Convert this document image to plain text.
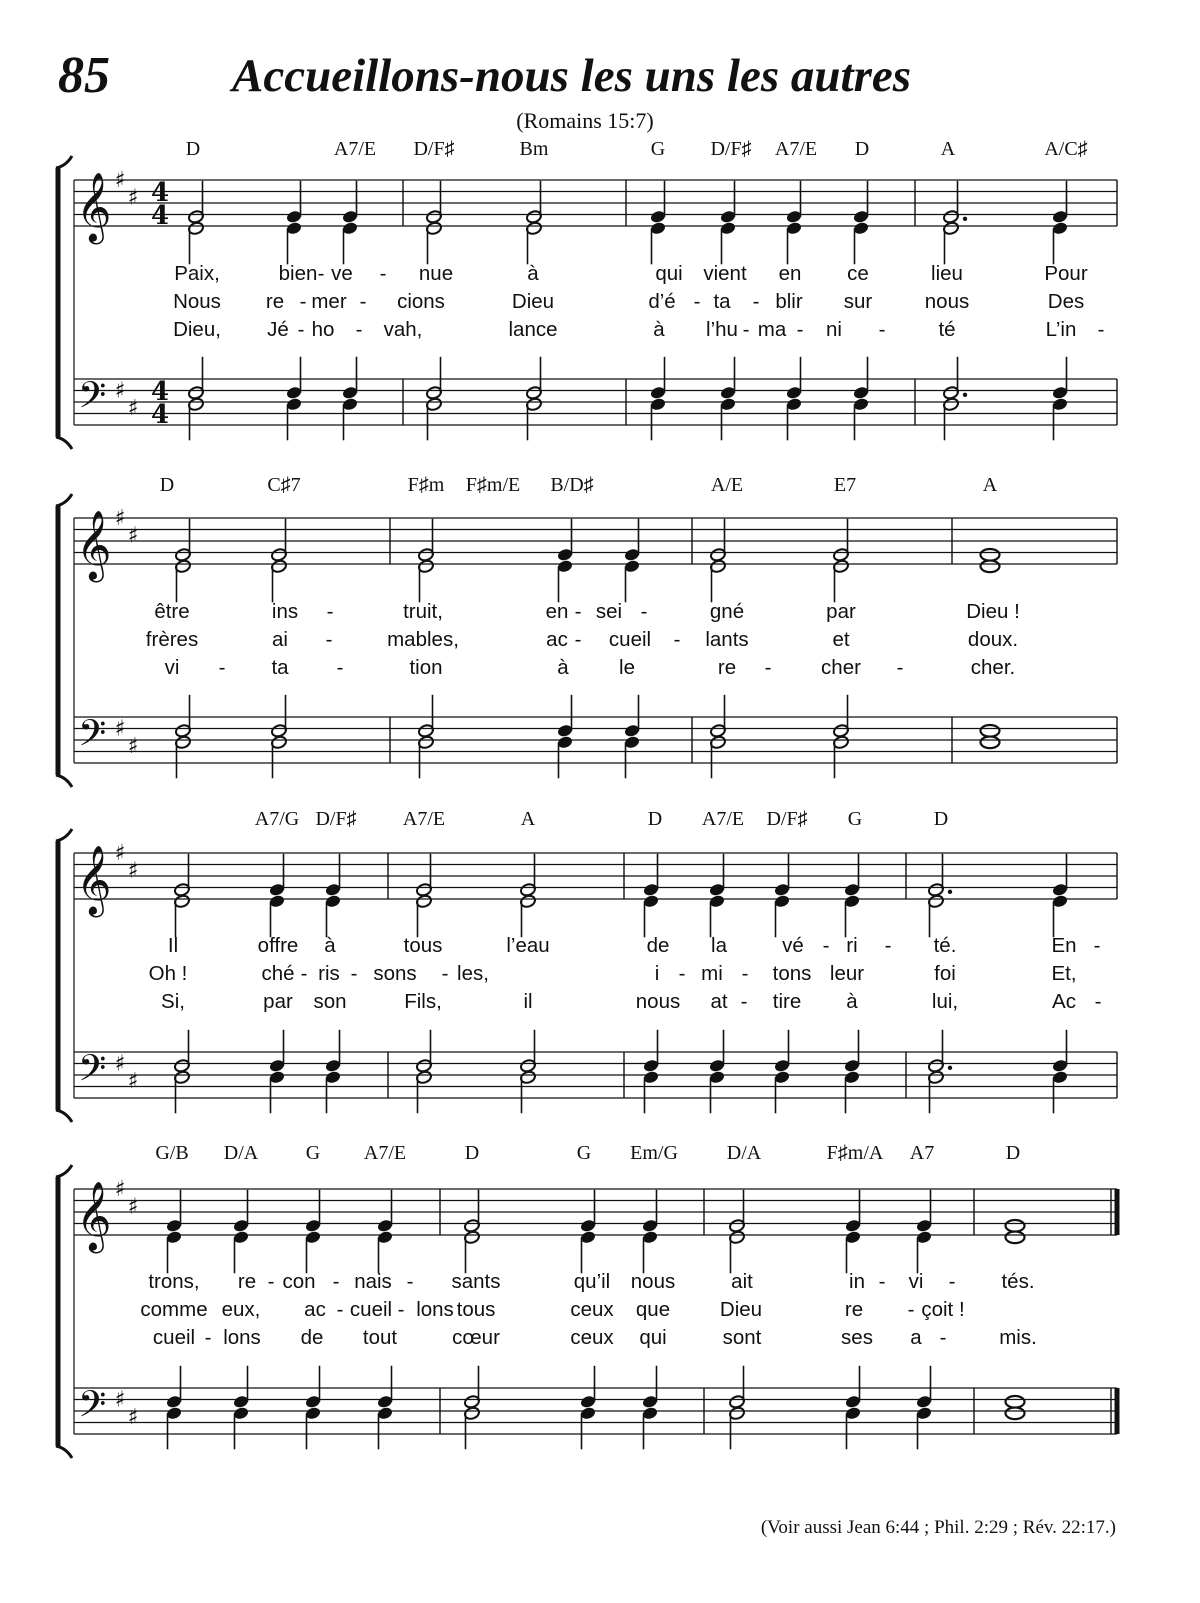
85	Accueillons-nous les uns les autres
(Romains 15:7)
𝄞
𝄢
♯
♯
♯
♯
4
4
4
4
𝄞
𝄢
♯
♯
♯
♯
𝄞
𝄢
♯
♯
♯
♯
𝄞
𝄢
♯
♯
♯
♯
D	A7/E D/F♯	Bm	G D/F♯ A7/E D	A	A/C♯
Paix,	bien - ve - nue	à	qui vient en ce	lieu	Pour
Nous re - mer - cions	Dieu	d’é - ta - blir sur	nous	Des
Dieu, Jé - ho - vah,	lance	à l’hu - ma - ni -	té	L’in -
D	C♯7	F♯m F♯m/E B/D♯	A/E	E7	A
être	ins -	truit,	en - sei -	gné	par	Dieu !
frères	ai -	mables,	ac - cueil - lants	et	doux.
vi - ta -	tion	à le	re - cher -	cher.
A7/G D/F♯ A7/E	A	D A7/E D/F♯ G	D
Il	offre à	tous	l’eau	de la	vé - ri - té.	En -
Oh !	ché - ris - sons - les,	i - mi - tons leur	foi	Et,
Si,	par son	Fils,	il	nous at - tire à	lui,	Ac -
G/B D/A G A7/E	D	G Em/G D/A	F♯m/A A7	D
trons, re - con - nais - sants	qu’il nous	ait	in - vi - tés.
comme eux, ac - cueil - lons tous	ceux que Dieu	re - çoit !
cueil - lons de tout	cœur	ceux qui	sont	ses a -	mis.
(Voir aussi Jean 6:44 ; Phil. 2:29 ; Rév. 22:17.)
